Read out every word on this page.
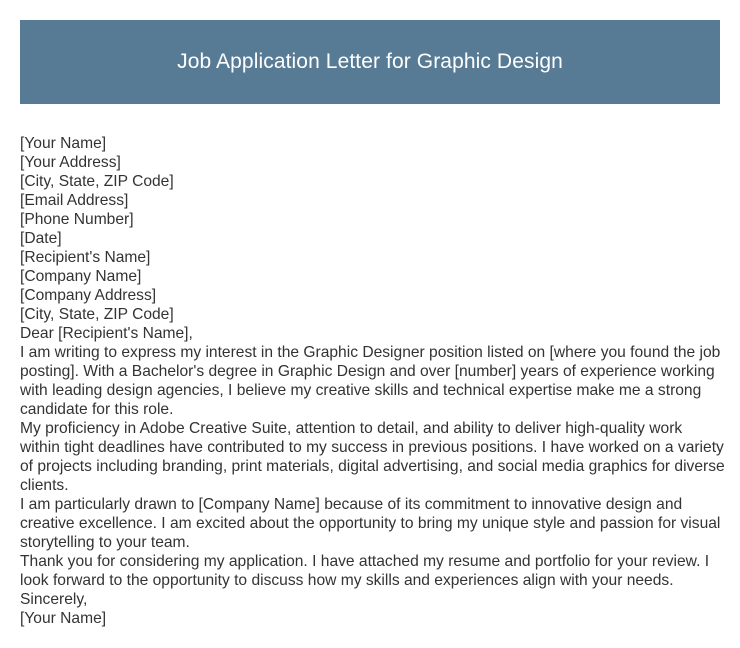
Job Application Letter for Graphic Design

[Your Name]

[Your Address]

[City, State, ZIP Code]

[Email Address]

[Phone Number]

[Date]

[Recipient's Name]

[Company Name]

[Company Address]

[City, State, ZIP Code]

Dear [Recipient's Name],

I am writing to express my interest in the Graphic Designer position listed on [where you found the job posting]. With a Bachelor's degree in Graphic Design and over [number] years of experience working with leading design agencies, I believe my creative skills and technical expertise make me a strong candidate for this role.

My proficiency in Adobe Creative Suite, attention to detail, and ability to deliver high-quality work within tight deadlines have contributed to my success in previous positions. I have worked on a variety of projects including branding, print materials, digital advertising, and social media graphics for diverse clients.

I am particularly drawn to [Company Name] because of its commitment to innovative design and creative excellence. I am excited about the opportunity to bring my unique style and passion for visual storytelling to your team.

Thank you for considering my application. I have attached my resume and portfolio for your review. I look forward to the opportunity to discuss how my skills and experiences align with your needs.

Sincerely,

[Your Name]
